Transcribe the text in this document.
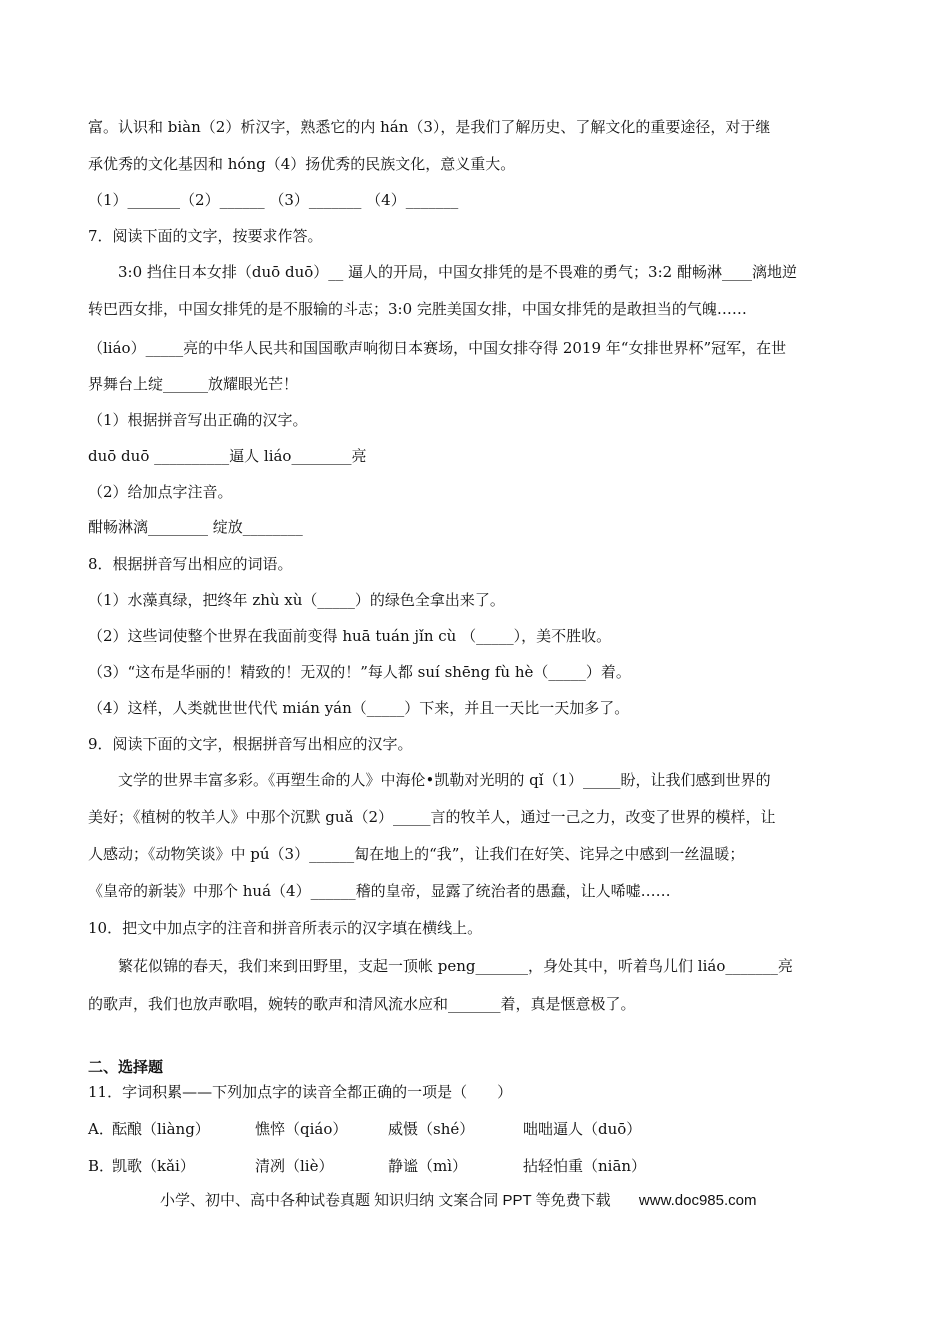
富。认识和 biàn（2）析汉字，熟悉它的内 hán（3），是我们了解历史、了解文化的重要途径，对于继
承优秀的文化基因和 hóng（4）扬优秀的民族文化，意义重大。
（1）_______（2）______ （3）_______ （4）_______
7．阅读下面的文字，按要求作答。
3:0 挡住日本女排（duō duō）__ 逼人的开局，中国女排凭的是不畏难的勇气；3:2 酣畅淋____漓地逆
转巴西女排，中国女排凭的是不服输的斗志；3:0 完胜美国女排，中国女排凭的是敢担当的气魄……
（liáo）_____亮的中华人民共和国国歌声响彻日本赛场，中国女排夺得 2019 年“女排世界杯”冠军，在世
界舞台上绽______放耀眼光芒！
（1）根据拼音写出正确的汉字。
duō duō __________逼人 liáo________亮
（2）给加点字注音。
酣畅淋漓________ 绽放________
8．根据拼音写出相应的词语。
（1）水藻真绿，把终年 zhù xù（_____）的绿色全拿出来了。
（2）这些词使整个世界在我面前变得 huā tuán jǐn cù （_____），美不胜收。
（3）“这布是华丽的！精致的！无双的！”每人都 suí shēng fù hè（_____）着。
（4）这样，人类就世世代代 mián yán（_____）下来，并且一天比一天加多了。
9．阅读下面的文字，根据拼音写出相应的汉字。
文学的世界丰富多彩。《再塑生命的人》中海伦•凯勒对光明的 qǐ（1）_____盼，让我们感到世界的
美好；《植树的牧羊人》中那个沉默 guǎ（2）_____言的牧羊人，通过一己之力，改变了世界的模样，让
人感动；《动物笑谈》中 pú（3）______匐在地上的“我”，让我们在好笑、诧异之中感到一丝温暖；
《皇帝的新装》中那个 huá（4）______稽的皇帝，显露了统治者的愚蠢，让人唏嘘……
10．把文中加点字的注音和拼音所表示的汉字填在横线上。
繁花似锦的春天，我们来到田野里，支起一顶帐 peng_______，身处其中，听着鸟儿们 liáo_______亮
的歌声，我们也放声歌唱，婉转的歌声和清风流水应和_______着，真是惬意极了。
二、选择题
11．字词积累——下列加点字的读音全都正确的一项是（　　）
A．
酝酿（liàng）	憔悴（qiáo）	威慑（shé）	咄咄逼人（duō）
B．
凯歌（kǎi）	清冽（liè）	静谧（mì）	拈轻怕重（niān）
小学、初中、高中各种试卷真题 知识归纳 文案合同 PPT 等免费下载 www.doc985.com
